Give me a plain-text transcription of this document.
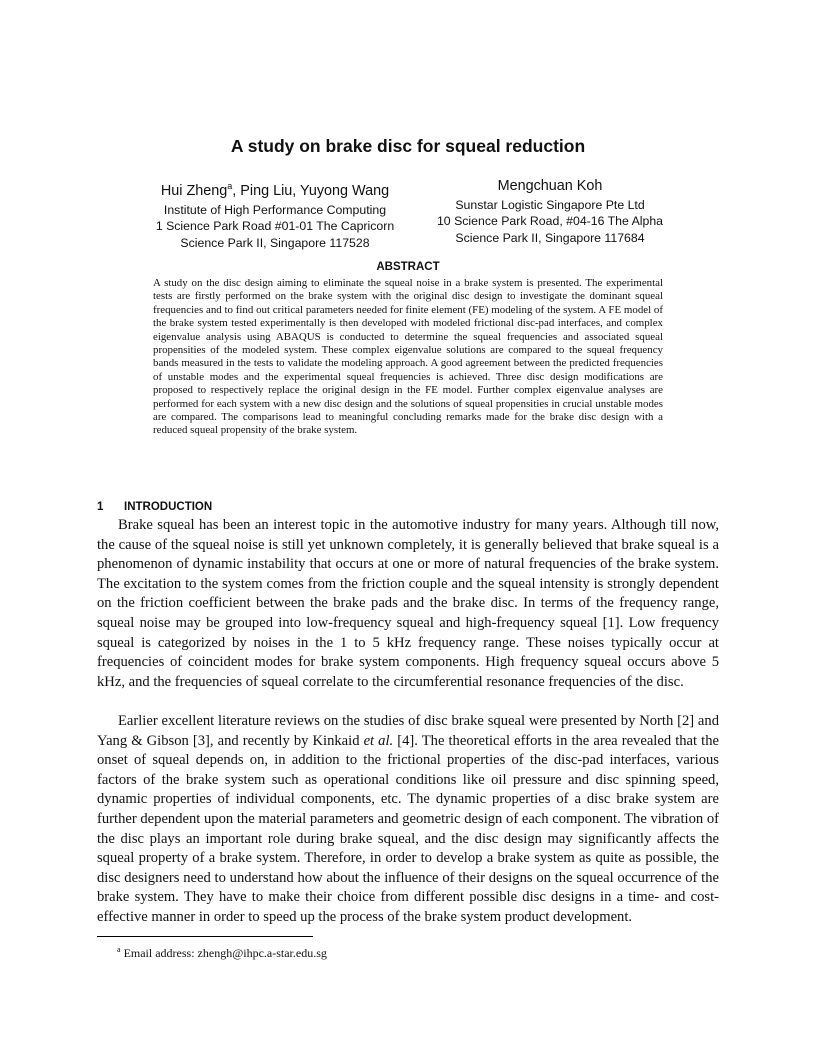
A study on brake disc for squeal reduction
Hui Zheng$^a$, Ping Liu, Yuyong Wang
Institute of High Performance Computing
1 Science Park Road #01-01 The Capricorn
Science Park II, Singapore 117528
Mengchuan Koh
Sunstar Logistic Singapore Pte Ltd
10 Science Park Road, #04-16 The Alpha
Science Park II, Singapore 117684
ABSTRACT

A study on the disc design aiming to eliminate the squeal noise in a brake system is presented. The experimental tests are firstly performed on the brake system with the original disc design to investigate the dominant squeal frequencies and to find out critical parameters needed for finite element (FE) modeling of the system. A FE model of the brake system tested experimentally is then developed with modeled frictional disc-pad interfaces, and complex eigenvalue analysis using ABAQUS is conducted to determine the squeal frequencies and associated squeal propensities of the modeled system. These complex eigenvalue solutions are compared to the squeal frequency bands measured in the tests to validate the modeling approach. A good agreement between the predicted frequencies of unstable modes and the experimental squeal frequencies is achieved. Three disc design modifications are proposed to respectively replace the original design in the FE model. Further complex eigenvalue analyses are performed for each system with a new disc design and the solutions of squeal propensities in crucial unstable modes are compared. The comparisons lead to meaningful concluding remarks made for the brake disc design with a reduced squeal propensity of the brake system.

1 INTRODUCTION

Brake squeal has been an interest topic in the automotive industry for many years. Although till now, the cause of the squeal noise is still yet unknown completely, it is generally believed that brake squeal is a phenomenon of dynamic instability that occurs at one or more of natural frequencies of the brake system. The excitation to the system comes from the friction couple and the squeal intensity is strongly dependent on the friction coefficient between the brake pads and the brake disc. In terms of the frequency range, squeal noise may be grouped into low-frequency squeal and high-frequency squeal [1]. Low frequency squeal is categorized by noises in the 1 to 5 kHz frequency range. These noises typically occur at frequencies of coincident modes for brake system components. High frequency squeal occurs above 5 kHz, and the frequencies of squeal correlate to the circumferential resonance frequencies of the disc.

Earlier excellent literature reviews on the studies of disc brake squeal were presented by North [2] and Yang & Gibson [3], and recently by Kinkaid et al. [4]. The theoretical efforts in the area revealed that the onset of squeal depends on, in addition to the frictional properties of the disc-pad interfaces, various factors of the brake system such as operational conditions like oil pressure and disc spinning speed, dynamic properties of individual components, etc. The dynamic properties of a disc brake system are further dependent upon the material parameters and geometric design of each component. The vibration of the disc plays an important role during brake squeal, and the disc design may significantly affects the squeal property of a brake system. Therefore, in order to develop a brake system as quite as possible, the disc designers need to understand how about the influence of their designs on the squeal occurrence of the brake system. They have to make their choice from different possible disc designs in a time- and cost-effective manner in order to speed up the process of the brake system product development.

$^a$ Email address: zhengh@ihpc.a-star.edu.sg
